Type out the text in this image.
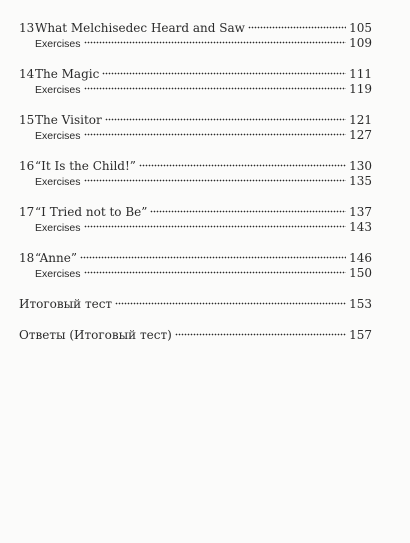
13 What Melchisedec Heard and Saw	105
Exercises	109
14 The Magic	111
Exercises	119
15 The Visitor	121
Exercises	127
16 “It Is the Child!”	130
Exercises	135
17 “I Tried not to Be”	137
Exercises	143
18 “Anne”	146
Exercises	150
Итоговый тест	153
Ответы (Итоговый тест)	157
